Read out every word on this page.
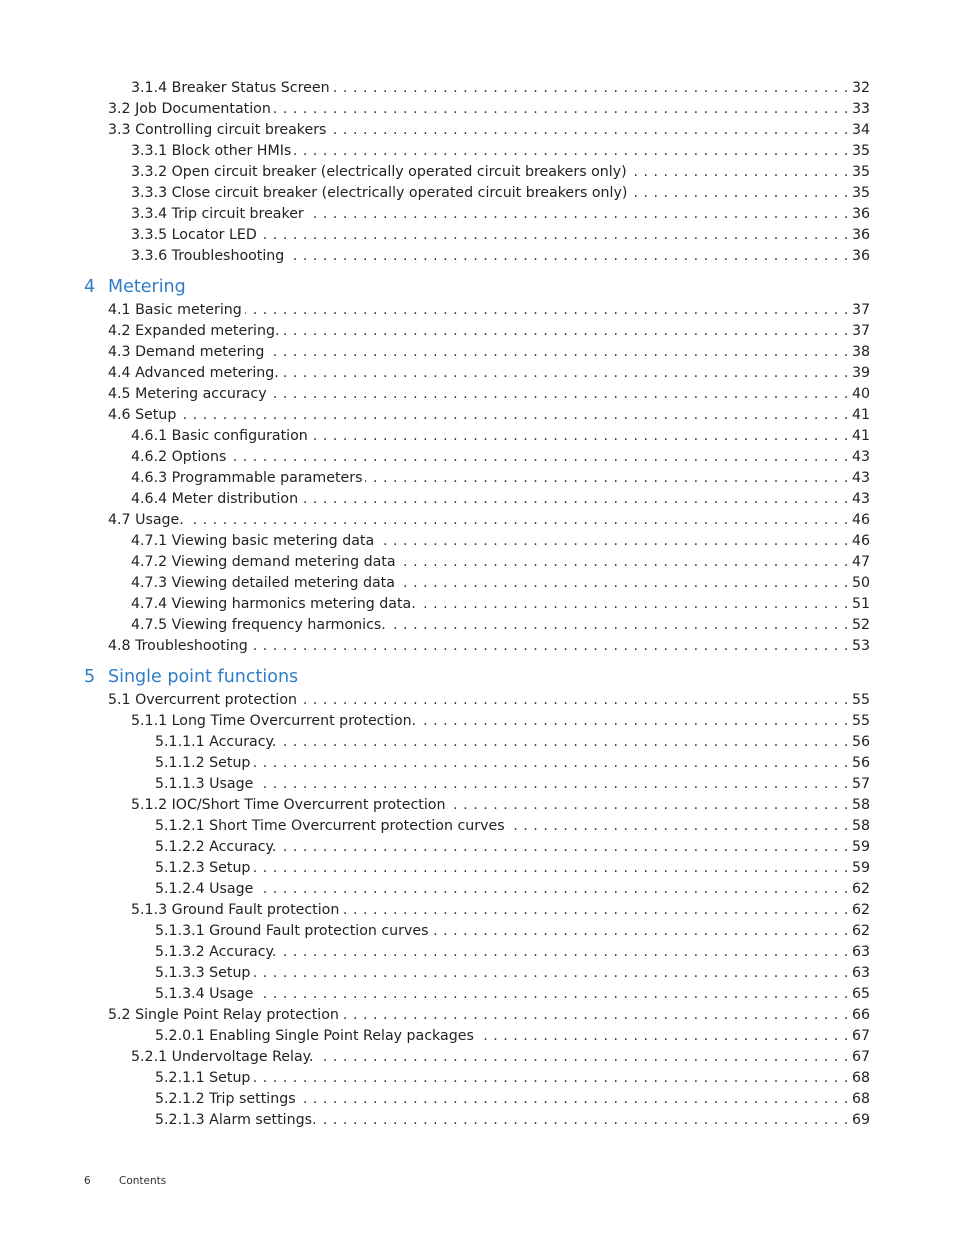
3.1.4 Breaker Status Screen . . .	32
3.2 Job Documentation . . .	33
3.3 Controlling circuit breakers . . .	34
3.3.1 Block other HMIs . . .	35
3.3.2 Open circuit breaker (electrically operated circuit breakers only) . . .	35
3.3.3 Close circuit breaker (electrically operated circuit breakers only) . . .	35
3.3.4 Trip circuit breaker . . .	36
3.3.5 Locator LED . . .	36
3.3.6 Troubleshooting . . .	36
4 Metering
4.1 Basic metering . . .	37
4.2 Expanded metering. . . .	37
4.3 Demand metering . . .	38
4.4 Advanced metering. . . .	39
4.5 Metering accuracy . . .	40
4.6 Setup . . .	41
4.6.1 Basic configuration . . .	41
4.6.2 Options . . .	43
4.6.3 Programmable parameters . . .	43
4.6.4 Meter distribution . . .	43
4.7 Usage. . . .	46
4.7.1 Viewing basic metering data . . .	46
4.7.2 Viewing demand metering data . . .	47
4.7.3 Viewing detailed metering data . . .	50
4.7.4 Viewing harmonics metering data. . . .	51
4.7.5 Viewing frequency harmonics. . . .	52
4.8 Troubleshooting . . .	53
5 Single point functions
5.1 Overcurrent protection . . .	55
5.1.1 Long Time Overcurrent protection. . . .	55
5.1.1.1 Accuracy. . . .	56
5.1.1.2 Setup . . .	56
5.1.1.3 Usage . . .	57
5.1.2 IOC/Short Time Overcurrent protection . . .	58
5.1.2.1 Short Time Overcurrent protection curves . . .	58
5.1.2.2 Accuracy. . . .	59
5.1.2.3 Setup . . .	59
5.1.2.4 Usage . . .	62
5.1.3 Ground Fault protection . . .	62
5.1.3.1 Ground Fault protection curves . . .	62
5.1.3.2 Accuracy. . . .	63
5.1.3.3 Setup . . .	63
5.1.3.4 Usage . . .	65
5.2 Single Point Relay protection . . .	66
5.2.0.1 Enabling Single Point Relay packages . . .	67
5.2.1 Undervoltage Relay. . . .	67
5.2.1.1 Setup . . .	68
5.2.1.2 Trip settings . . .	68
5.2.1.3 Alarm settings. . . .	69
6	Contents
